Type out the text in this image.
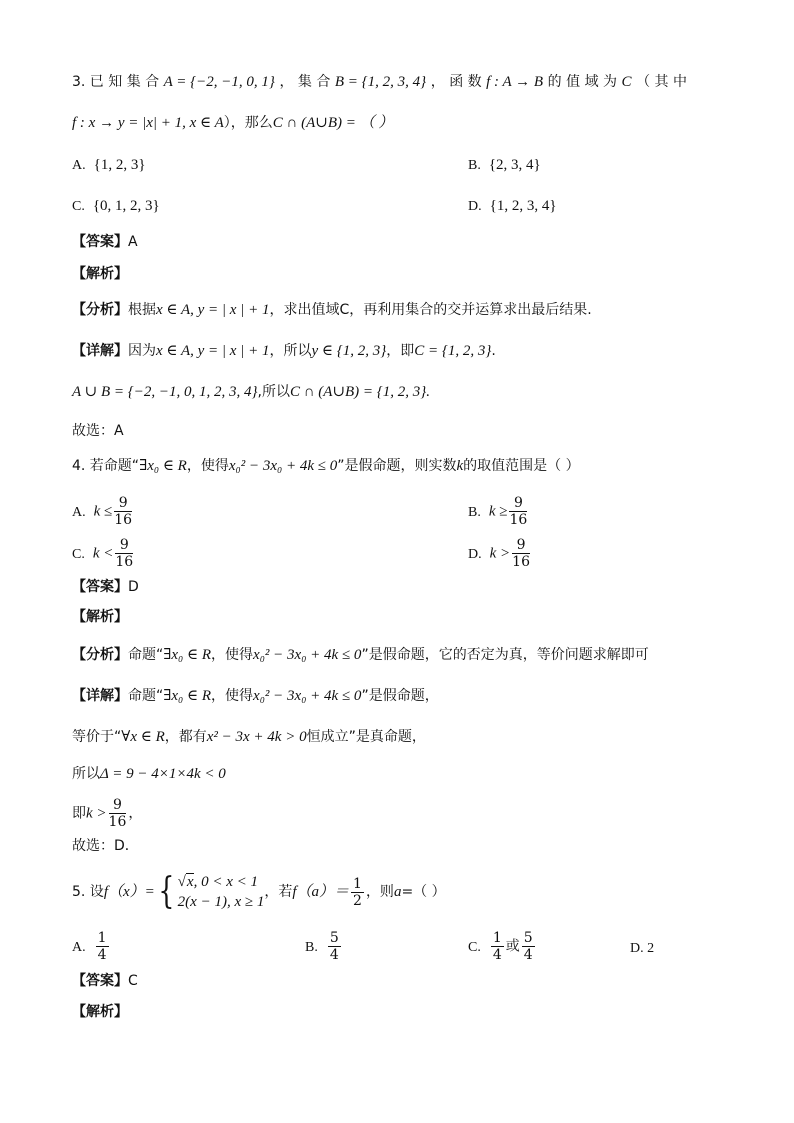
3. 已 知 集 合 A = {−2, −1, 0, 1} ， 集 合 B = {1, 2, 3, 4} ， 函 数 f : A → B 的 值 域 为 C （ 其 中
f : x → y = |x| + 1, x ∈ A），那么C ∩ (A∪B) = （ ）
A. {1, 2, 3}	B. {2, 3, 4}
C. {0, 1, 2, 3}	D. {1, 2, 3, 4}
【答案】A
【解析】
【分析】根据x ∈ A, y = | x | + 1，求出值域C，再利用集合的交并运算求出最后结果.
【详解】因为x ∈ A, y = | x | + 1，所以y ∈ {1, 2, 3}，即C = {1, 2, 3}.
A ∪ B = {−2, −1, 0, 1, 2, 3, 4},所以C ∩ (A∪B) = {1, 2, 3}.
故选：A
4. 若命题“∃x₀ ∈ R，使得x₀² − 3x₀ + 4k ≤ 0”是假命题，则实数k的取值范围是（ ）
A. $k \le \frac{9}{16}$	B. $k \ge \frac{9}{16}$
C. $k < \frac{9}{16}$	D. $k > \frac{9}{16}$
【答案】D
【解析】
【分析】命题“∃x₀ ∈ R，使得x₀² − 3x₀ + 4k ≤ 0”是假命题，它的否定为真，等价问题求解即可
【详解】命题“∃x₀ ∈ R，使得x₀² − 3x₀ + 4k ≤ 0”是假命题，
等价于“∀x ∈ R，都有x² − 3x + 4k > 0恒成立”是真命题，
所以Δ = 9 − 4×1×4k < 0
即$k > \frac{9}{16}$ ，
故选：D．
5. 设f（x）={ √x, 0 < x < 1
2(x − 1), x ≥ 1
，若$f(a)= \frac{1}{2}$ ，则a=（ ）
A. $\frac{1}{4}$	B. $\frac{5}{4}$	C. $\frac{1}{4}$ 或 $\frac{5}{4}$	D. 2
【答案】C
【解析】
